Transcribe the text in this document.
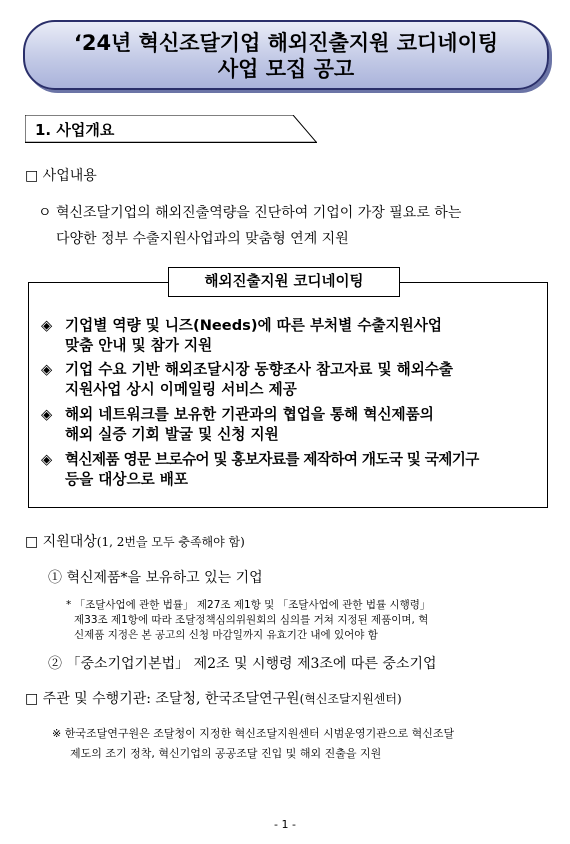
‘24년 혁신조달기업 해외진출지원 코디네이팅
사업 모집 공고
1. 사업개요
□ 사업내용
ㅇ 혁신조달기업의 해외진출역량을 진단하여 기업이 가장 필요로 하는
다양한 정부 수출지원사업과의 맞춤형 연계 지원
◈ 기업별 역량 및 니즈(Needs)에 따른 부처별 수출지원사업
맞춤 안내 및 참가 지원
◈ 기업 수요 기반 해외조달시장 동향조사 참고자료 및 해외수출
지원사업 상시 이메일링 서비스 제공
◈ 해외 네트워크를 보유한 기관과의 협업을 통해 혁신제품의
해외 실증 기회 발굴 및 신청 지원
◈ 혁신제품 영문 브로슈어 및 홍보자료를 제작하여 개도국 및 국제기구
등을 대상으로 배포
해외진출지원 코디네이팅
□ 지원대상(1, 2번을 모두 충족해야 함)
① 혁신제품*을 보유하고 있는 기업
* 「조달사업에 관한 법률」 제27조 제1항 및 「조달사업에 관한 법률 시행령」
제33조 제1항에 따라 조달정책심의위원회의 심의를 거쳐 지정된 제품이며, 혁
신제품 지정은 본 공고의 신청 마감일까지 유효기간 내에 있어야 함
② 「중소기업기본법」 제2조 및 시행령 제3조에 따른 중소기업
□ 주관 및 수행기관: 조달청, 한국조달연구원(혁신조달지원센터)
※ 한국조달연구원은 조달청이 지정한 혁신조달지원센터 시범운영기관으로 혁신조달
제도의 조기 정착, 혁신기업의 공공조달 진입 및 해외 진출을 지원
- 1 -
